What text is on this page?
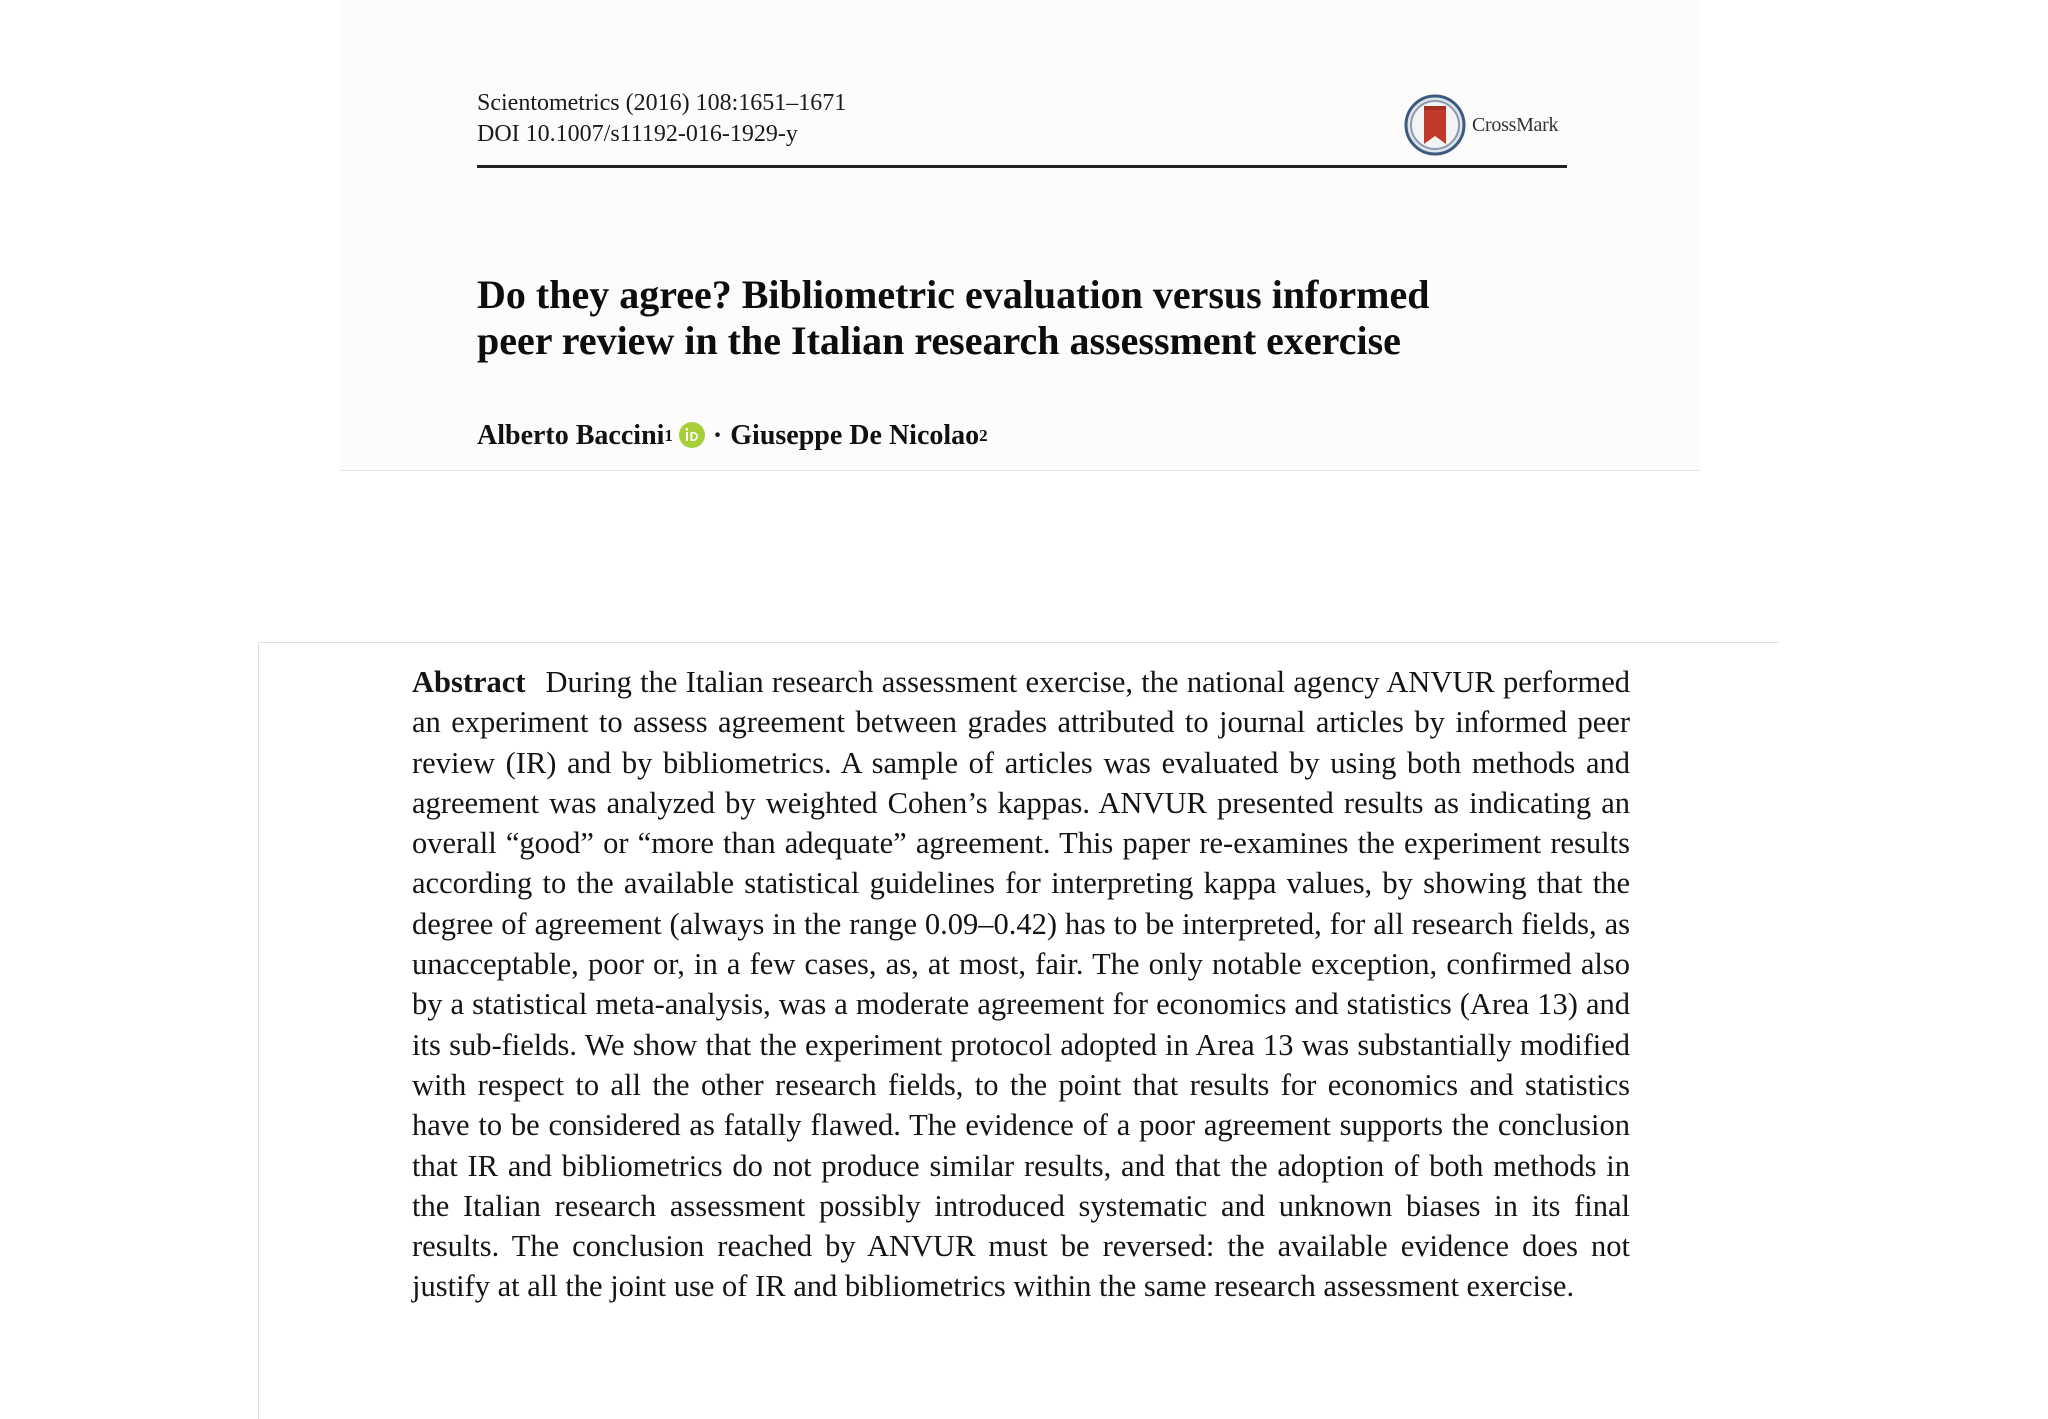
Scientometrics (2016) 108:1651–1671
DOI 10.1007/s11192-016-1929-y	CrossMark
Do they agree? Bibliometric evaluation versus informed
peer review in the Italian research assessment exercise
Alberto Baccini$^1$ · Giuseppe De Nicolao$^2$

Abstract During the Italian research assessment exercise, the national agency ANVUR performed an experiment to assess agreement between grades attributed to journal articles by informed peer review (IR) and by bibliometrics. A sample of articles was evaluated by using both methods and agreement was analyzed by weighted Cohen’s kappas. ANVUR presented results as indicating an overall “good” or “more than adequate” agreement. This paper re-examines the experiment results according to the available statistical guidelines for interpreting kappa values, by showing that the degree of agreement (always in the range 0.09–0.42) has to be interpreted, for all research fields, as unacceptable, poor or, in a few cases, as, at most, fair. The only notable exception, confirmed also by a statistical meta-analysis, was a moderate agreement for economics and statistics (Area 13) and its sub-fields. We show that the experiment protocol adopted in Area 13 was substantially modified with respect to all the other research fields, to the point that results for economics and statistics have to be considered as fatally flawed. The evidence of a poor agreement supports the conclusion that IR and bibliometrics do not produce similar results, and that the adoption of both methods in the Italian research assessment possibly introduced systematic and unknown biases in its final results. The conclusion reached by ANVUR must be reversed: the available evidence does not justify at all the joint use of IR and bibliometrics within the same research assessment exercise.
